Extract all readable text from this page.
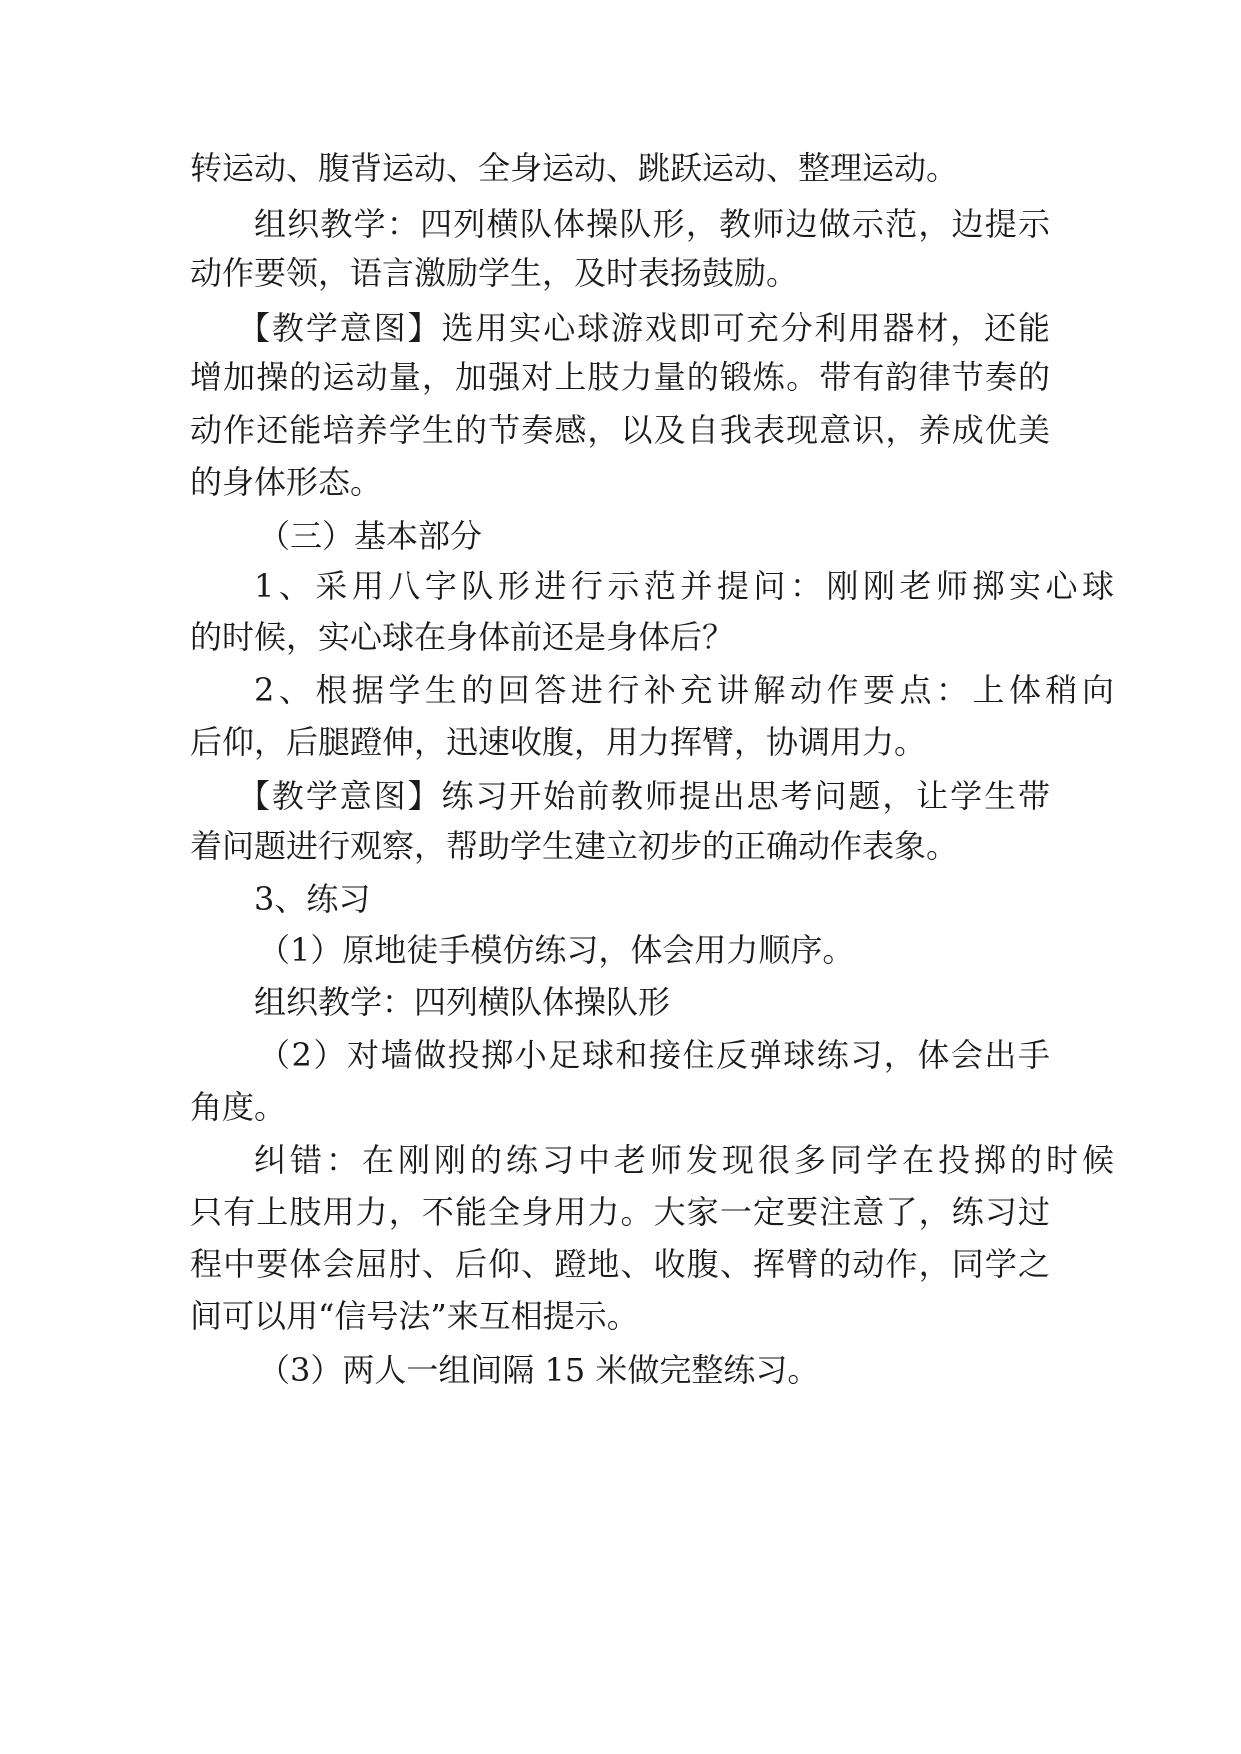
转运动、腹背运动、全身运动、跳跃运动、整理运动。

组织教学：四列横队体操队形，教师边做示范，边提示

动作要领，语言激励学生，及时表扬鼓励。

【教学意图】选用实心球游戏即可充分利用器材，还能

增加操的运动量，加强对上肢力量的锻炼。带有韵律节奏的

动作还能培养学生的节奏感，以及自我表现意识，养成优美

的身体形态。

（三）基本部分

1、采用八字队形进行示范并提问：刚刚老师掷实心球

的时候，实心球在身体前还是身体后？

2、根据学生的回答进行补充讲解动作要点：上体稍向

后仰，后腿蹬伸，迅速收腹，用力挥臂，协调用力。

【教学意图】练习开始前教师提出思考问题，让学生带

着问题进行观察，帮助学生建立初步的正确动作表象。

3、练习

（1）原地徒手模仿练习，体会用力顺序。

组织教学：四列横队体操队形

（2）对墙做投掷小足球和接住反弹球练习，体会出手

角度。

纠错：在刚刚的练习中老师发现很多同学在投掷的时候

只有上肢用力，不能全身用力。大家一定要注意了，练习过

程中要体会屈肘、后仰、蹬地、收腹、挥臂的动作，同学之

间可以用“信号法”来互相提示。

（3）两人一组间隔 15 米做完整练习。
